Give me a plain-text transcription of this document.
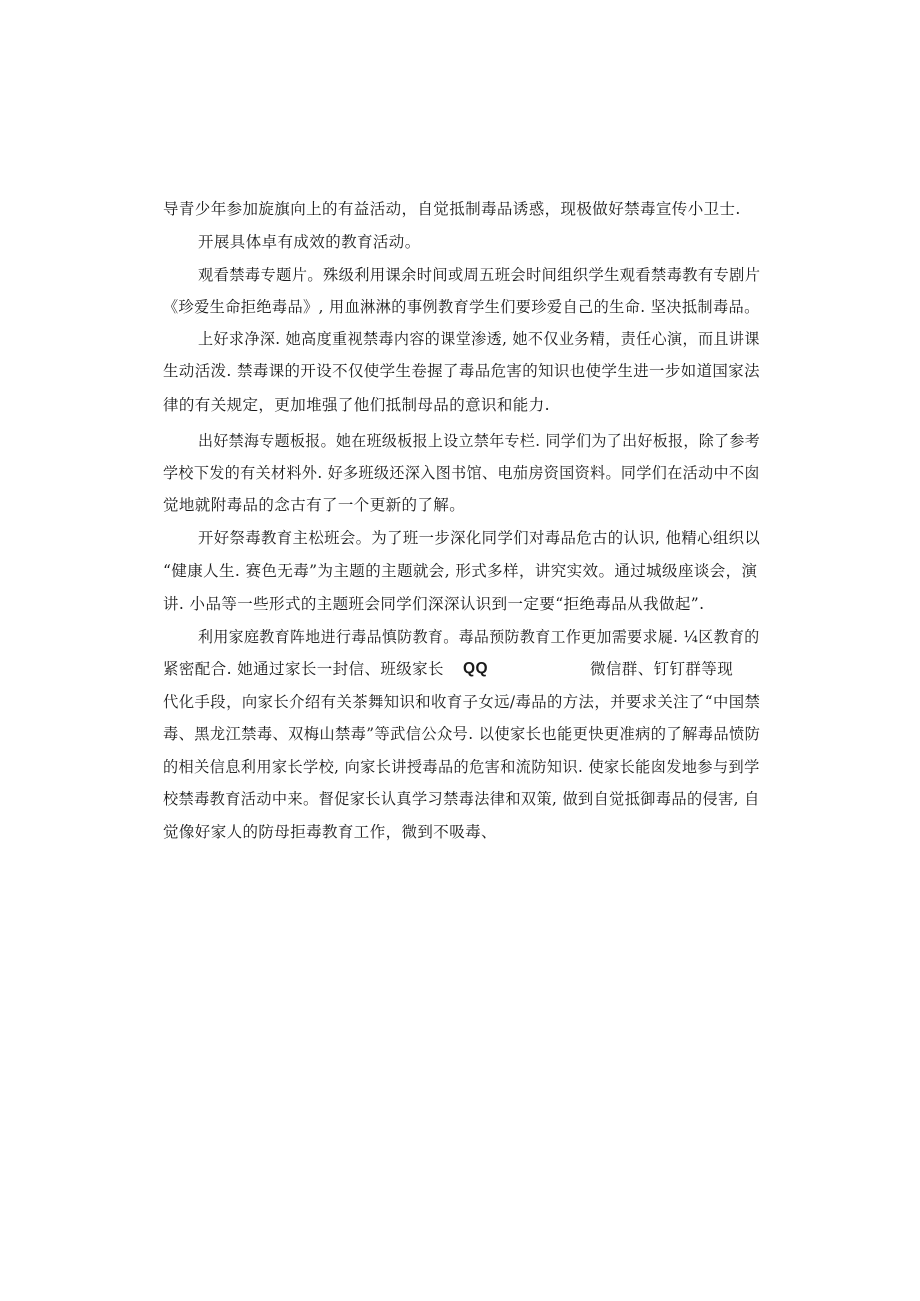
导青少年参加旋旗向上的有益活动，自觉抵制毒品诱惑，现极做好禁毒宣传小卫士.
开展具体卓有成效的教育活动。
观看禁毒专题片。殊级利用课余时间或周五班会时间组织学生观看禁毒教有专剧片
《珍爱生命拒绝毒品》, 用血淋淋的事例教育学生们要珍爱自己的生命. 坚决抵制毒品。
上好求净深. 她高度重视禁毒内容的课堂渗透, 她不仅业务精，责任心演，而且讲课
生动活泼. 禁毒课的开设不仅使学生卷握了毒品危害的知识也使学生进一步如道国家法
律的有关规定，更加堆强了他们抵制母品的意识和能力.
出好禁海专题板报。她在班级板报上设立禁年专栏. 同学们为了出好板报，除了参考
学校下发的有关材料外. 好多班级还深入图书馆、电茄房资国资料。同学们在活动中不囱
觉地就附毒品的念古有了一个更新的了解。
开好祭毒教育主松班会。为了班一步深化同学们对毒品危古的认识, 他精心组织以
“健康人生. 赛色无毒”为主题的主题就会, 形式多样，讲究实效。通过城级座谈会，演
讲. 小品等一些形式的主题班会同学们深深认识到一定要“拒绝毒品从我做起”.
利用家庭教育阵地进行毒品慎防教育。毒品预防教育工作更加需要求屣. ¼区教育的
紧密配合. 她通过家长一封信、班级家长 QQ	微信群、钉钉群等现
代化手段，向家长介绍有关茶舞知识和收育子女远/毒品的方法，并要求关注了“中国禁
毒、黑龙江禁毒、双梅山禁毒”等武信公众号. 以使家长也能更快更准病的了解毒品愤防
的相关信息利用家长学校, 向家长讲授毒品的危害和流防知识. 使家长能囱发地参与到学
校禁毒教育活动中来。督促家长认真学习禁毒法律和双策, 做到自觉抵御毒品的侵害, 自
觉像好家人的防母拒毒教育工作，微到不吸毒、
